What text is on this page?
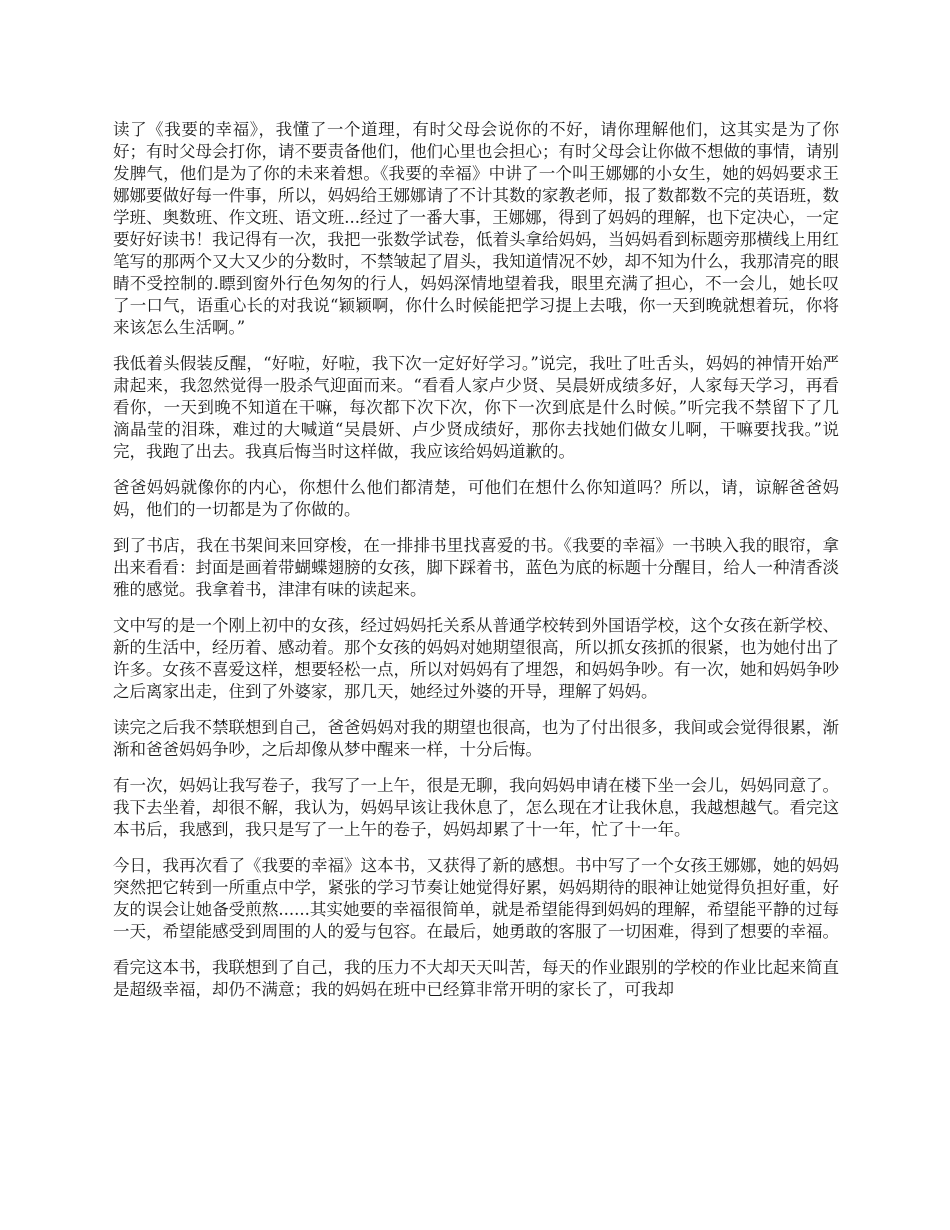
读了《我要的幸福》，我懂了一个道理，有时父母会说你的不好，请你理解他们，这其实是为了你好；有时父母会打你，请不要责备他们，他们心里也会担心；有时父母会让你做不想做的事情，请别发脾气，他们是为了你的未来着想。《我要的幸福》中讲了一个叫王娜娜的小女生，她的妈妈要求王娜娜要做好每一件事，所以，妈妈给王娜娜请了不计其数的家教老师，报了数都数不完的英语班，数学班、奥数班、作文班、语文班...经过了一番大事，王娜娜，得到了妈妈的理解，也下定决心，一定要好好读书！我记得有一次，我把一张数学试卷，低着头拿给妈妈，当妈妈看到标题旁那横线上用红笔写的那两个又大又少的分数时，不禁皱起了眉头，我知道情况不妙，却不知为什么，我那清亮的眼睛不受控制的.瞟到窗外行色匆匆的行人，妈妈深情地望着我，眼里充满了担心，不一会儿，她长叹了一口气，语重心长的对我说“颖颖啊，你什么时候能把学习提上去哦，你一天到晚就想着玩，你将来该怎么生活啊。”

我低着头假装反醒，“好啦，好啦，我下次一定好好学习。”说完，我吐了吐舌头，妈妈的神情开始严肃起来，我忽然觉得一股杀气迎面而来。“看看人家卢少贤、吴晨妍成绩多好，人家每天学习，再看看你，一天到晚不知道在干嘛，每次都下次下次，你下一次到底是什么时候。”听完我不禁留下了几滴晶莹的泪珠，难过的大喊道“吴晨妍、卢少贤成绩好，那你去找她们做女儿啊，干嘛要找我。”说完，我跑了出去。我真后悔当时这样做，我应该给妈妈道歉的。

爸爸妈妈就像你的内心，你想什么他们都清楚，可他们在想什么你知道吗？所以，请，谅解爸爸妈妈，他们的一切都是为了你做的。

到了书店，我在书架间来回穿梭，在一排排书里找喜爱的书。《我要的幸福》一书映入我的眼帘，拿出来看看：封面是画着带蝴蝶翅膀的女孩，脚下踩着书，蓝色为底的标题十分醒目，给人一种清香淡雅的感觉。我拿着书，津津有味的读起来。

文中写的是一个刚上初中的女孩，经过妈妈托关系从普通学校转到外国语学校，这个女孩在新学校、新的生活中，经历着、感动着。那个女孩的妈妈对她期望很高，所以抓女孩抓的很紧，也为她付出了许多。女孩不喜爱这样，想要轻松一点，所以对妈妈有了埋怨，和妈妈争吵。有一次，她和妈妈争吵之后离家出走，住到了外婆家，那几天，她经过外婆的开导，理解了妈妈。

读完之后我不禁联想到自己，爸爸妈妈对我的期望也很高，也为了付出很多，我间或会觉得很累，渐渐和爸爸妈妈争吵，之后却像从梦中醒来一样，十分后悔。

有一次，妈妈让我写卷子，我写了一上午，很是无聊，我向妈妈申请在楼下坐一会儿，妈妈同意了。我下去坐着，却很不解，我认为，妈妈早该让我休息了，怎么现在才让我休息，我越想越气。看完这本书后，我感到，我只是写了一上午的卷子，妈妈却累了十一年，忙了十一年。

今日，我再次看了《我要的幸福》这本书，又获得了新的感想。书中写了一个女孩王娜娜，她的妈妈突然把它转到一所重点中学，紧张的学习节奏让她觉得好累，妈妈期待的眼神让她觉得负担好重，好友的误会让她备受煎熬......其实她要的幸福很简单，就是希望能得到妈妈的理解，希望能平静的过每一天，希望能感受到周围的人的爱与包容。在最后，她勇敢的客服了一切困难，得到了想要的幸福。

看完这本书，我联想到了自己，我的压力不大却天天叫苦，每天的作业跟别的学校的作业比起来简直是超级幸福，却仍不满意；我的妈妈在班中已经算非常开明的家长了，可我却
